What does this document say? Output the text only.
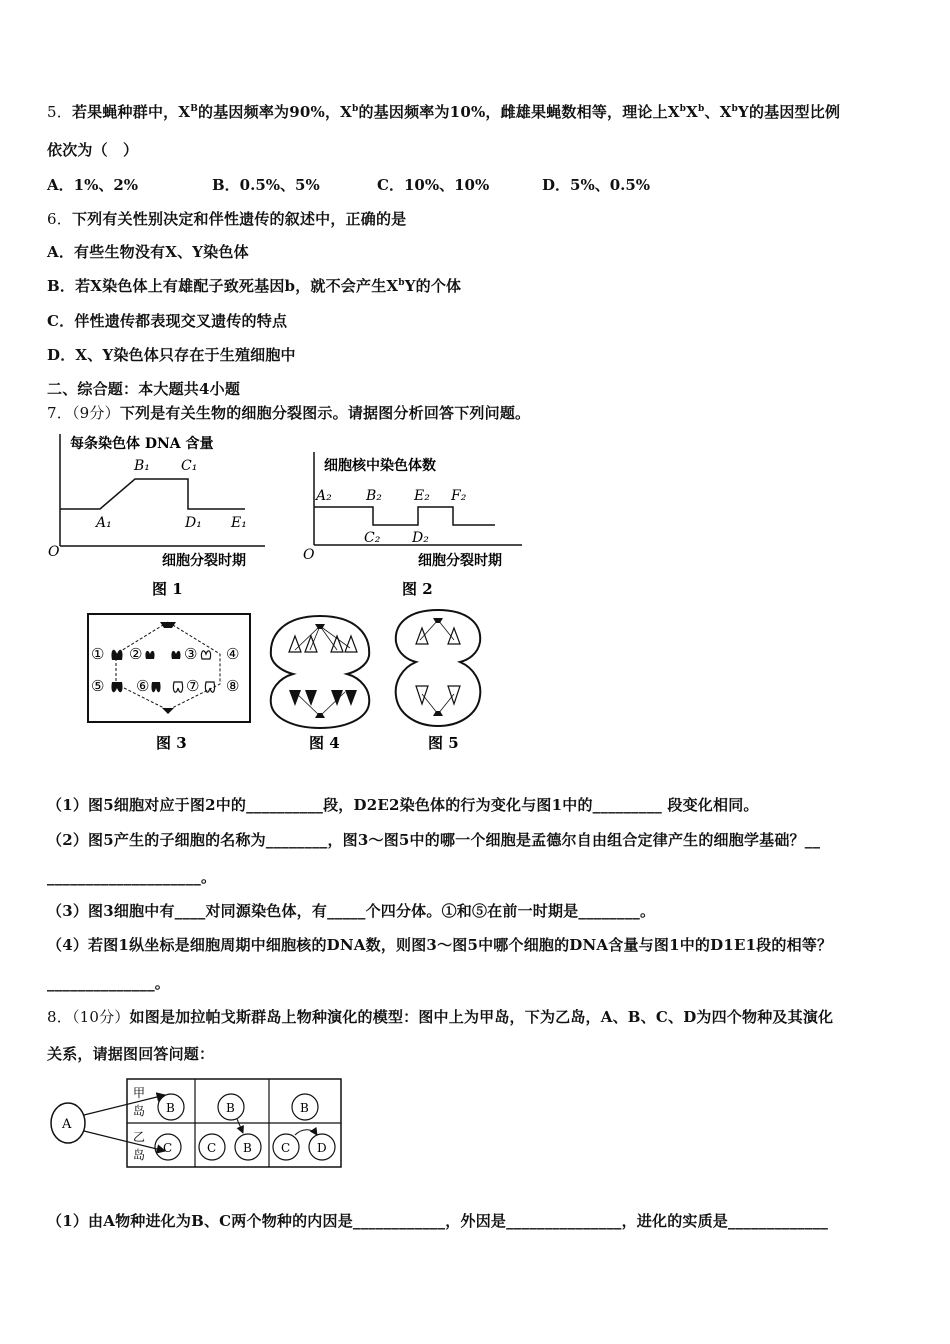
5．若果蝇种群中，$X^B$的基因频率为90%，$X^b$的基因频率为10%，雌雄果蝇数相等，理论上$X^bX^b$、$X^bY$的基因型比例
依次为（　）
A．1%、2%	B．0.5%、5%	C．10%、10%	D．5%、0.5%
6．下列有关性别决定和伴性遗传的叙述中，正确的是
A．有些生物没有X、Y染色体
B．若X染色体上有雄配子致死基因b，就不会产生$X^bY$的个体
C．伴性遗传都表现交叉遗传的特点
D．X、Y染色体只存在于生殖细胞中
二、综合题：本大题共4小题
7．（9分）下列是有关生物的细胞分裂图示。请据图分析回答下列问题。
每条染色体 DNA 含量
细胞分裂时期
O
A₁
B₁ C₁
D₁ E₁
图 1
细胞核中染色体数
细胞分裂时期
O
A₂ B₂
C₂ D₂
E₂ F₂
图 2
① ②	③ ④
⑤ ⑥ ⑦ ⑧
图 3	图 4	图 5
（1）图5细胞对应于图2中的__________段，D2E2染色体的行为变化与图1中的_________ 段变化相同。
（2）图5产生的子细胞的名称为________，图3～图5中的哪一个细胞是孟德尔自由组合定律产生的细胞学基础？__
____________________。
（3）图3细胞中有____对同源染色体，有_____个四分体。①和⑤在前一时期是________。
（4）若图1纵坐标是细胞周期中细胞核的DNA数，则图3～图5中哪个细胞的DNA含量与图1中的D1E1段的相等？
______________。
8．（10分）如图是加拉帕戈斯群岛上物种演化的模型：图中上为甲岛，下为乙岛，A、B、C、D为四个物种及其演化
关系，请据图回答问题：
A
甲
岛
乙
岛
B
C
B
C B
B
C D
（1）由A物种进化为B、C两个物种的内因是____________，外因是_______________，进化的实质是_____________
